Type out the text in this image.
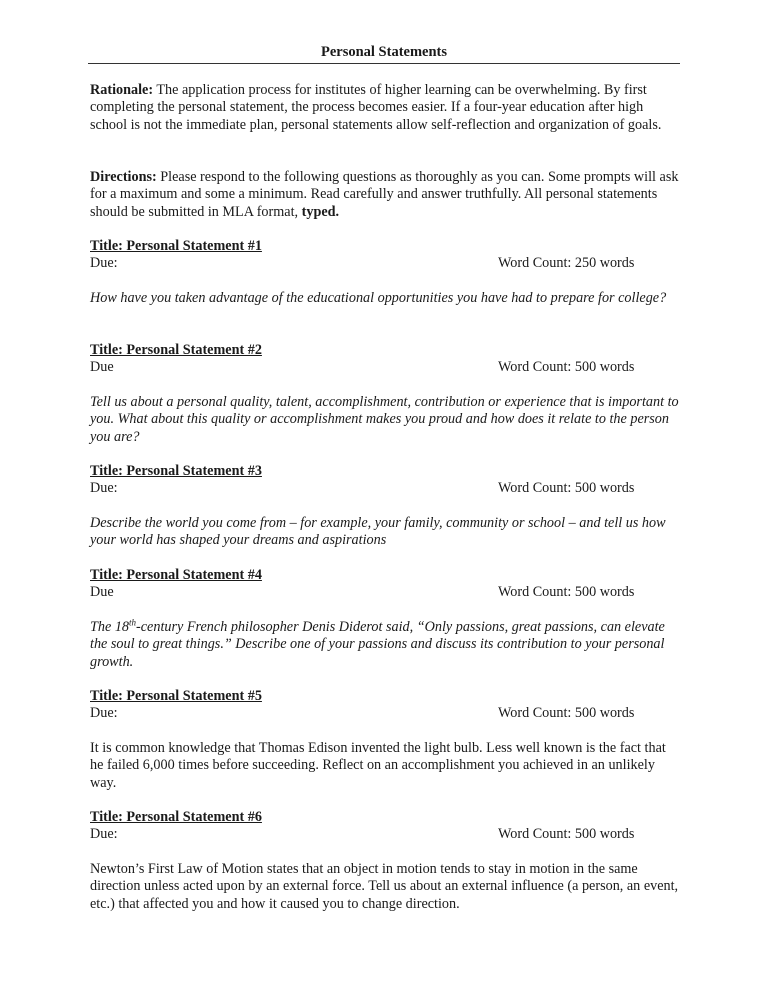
Personal Statements
Rationale: The application process for institutes of higher learning can be overwhelming. By first completing the personal statement, the process becomes easier. If a four-year education after high school is not the immediate plan, personal statements allow self-reflection and organization of goals.
Directions: Please respond to the following questions as thoroughly as you can. Some prompts will ask for a maximum and some a minimum. Read carefully and answer truthfully. All personal statements should be submitted in MLA format, typed.
Title: Personal Statement #1
Due:	Word Count: 250 words
How have you taken advantage of the educational opportunities you have had to prepare for college?
Title: Personal Statement #2
Due	Word Count: 500 words
Tell us about a personal quality, talent, accomplishment, contribution or experience that is important to you. What about this quality or accomplishment makes you proud and how does it relate to the person you are?
Title: Personal Statement #3
Due:	Word Count: 500 words
Describe the world you come from – for example, your family, community or school – and tell us how your world has shaped your dreams and aspirations
Title: Personal Statement #4
Due	Word Count: 500 words
The 18th-century French philosopher Denis Diderot said, “Only passions, great passions, can elevate the soul to great things.” Describe one of your passions and discuss its contribution to your personal growth.
Title: Personal Statement #5
Due:	Word Count: 500 words
It is common knowledge that Thomas Edison invented the light bulb. Less well known is the fact that he failed 6,000 times before succeeding. Reflect on an accomplishment you achieved in an unlikely way.
Title: Personal Statement #6
Due:	Word Count: 500 words
Newton’s First Law of Motion states that an object in motion tends to stay in motion in the same direction unless acted upon by an external force. Tell us about an external influence (a person, an event, etc.) that affected you and how it caused you to change direction.
